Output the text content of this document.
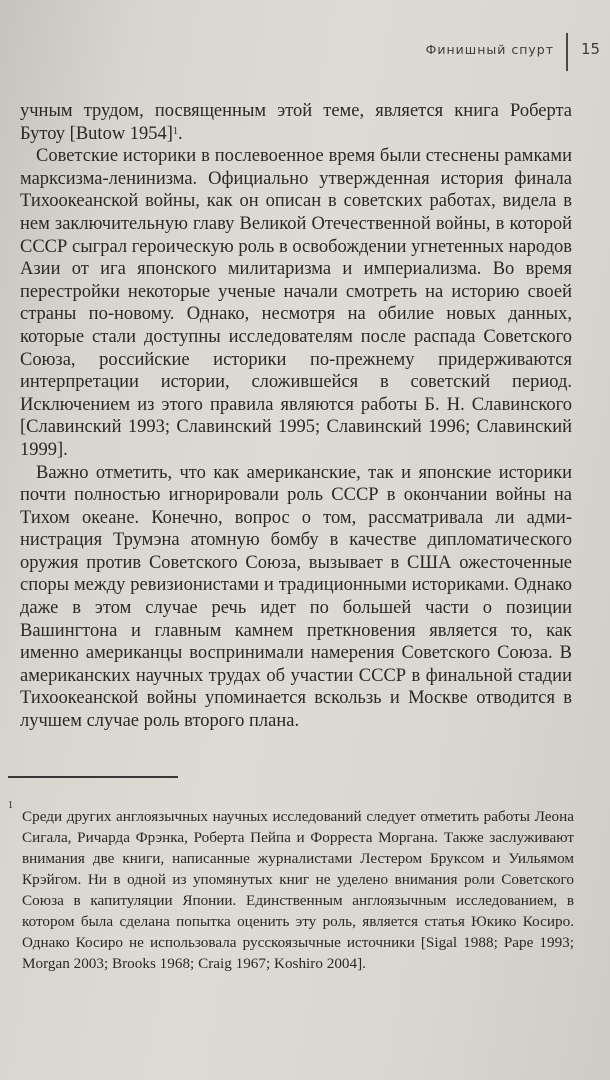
Финишный спурт 15

учным трудом, посвященным этой теме, является книга Роберта Бутоу [Butow 1954]$^1$.

Советские историки в послевоенное время были стеснены рамками марксизма-ленинизма. Официально утвержденная история финала Тихоокеанской войны, как он описан в советских работах, видела в нем заключительную главу Великой Отечественной войны, в которой СССР сыграл героическую роль в освобождении угнетенных народов Азии от ига японского милитаризма и империализма. Во время перестройки некоторые ученые начали смотреть на историю своей страны по-новому. Однако, несмотря на обилие новых данных, которые стали доступны исследователям после распада Советского Союза, российские историки по-прежнему придерживаются интерпретации истории, сложившейся в советский период. Исключением из этого правила являются работы Б. Н. Славинского [Славинский 1993; Славинский 1995; Славинский 1996; Славинский 1999].

Важно отметить, что как американские, так и японские историки почти полностью игнорировали роль СССР в окончании войны на Тихом океане. Конечно, вопрос о том, рассматривала ли администрация Трумэна атомную бомбу в качестве дипломатического оружия против Советского Союза, вызывает в США ожесточенные споры между ревизионистами и традиционными историками. Однако даже в этом случае речь идет по большей части о позиции Вашингтона и главным камнем преткновения является то, как именно американцы воспринимали намерения Советского Союза. В американских научных трудах об участии СССР в финальной стадии Тихоокеанской войны упоминается вскользь и Москве отводится в лучшем случае роль второго плана.

1

Среди других англоязычных научных исследований следует отметить работы Леона Сигала, Ричарда Фрэнка, Роберта Пейпа и Форреста Моргана. Также заслуживают внимания две книги, написанные журналистами Лестером Бруксом и Уильямом Крэйгом. Ни в одной из упомянутых книг не уделено внимания роли Советского Союза в капитуляции Японии. Единственным англоязычным исследованием, в котором была сделана попытка оценить эту роль, является статья Юкико Косиро. Однако Косиро не использовала русскоязычные источники [Sigal 1988; Pape 1993; Morgan 2003; Brooks 1968; Craig 1967; Koshiro 2004].
